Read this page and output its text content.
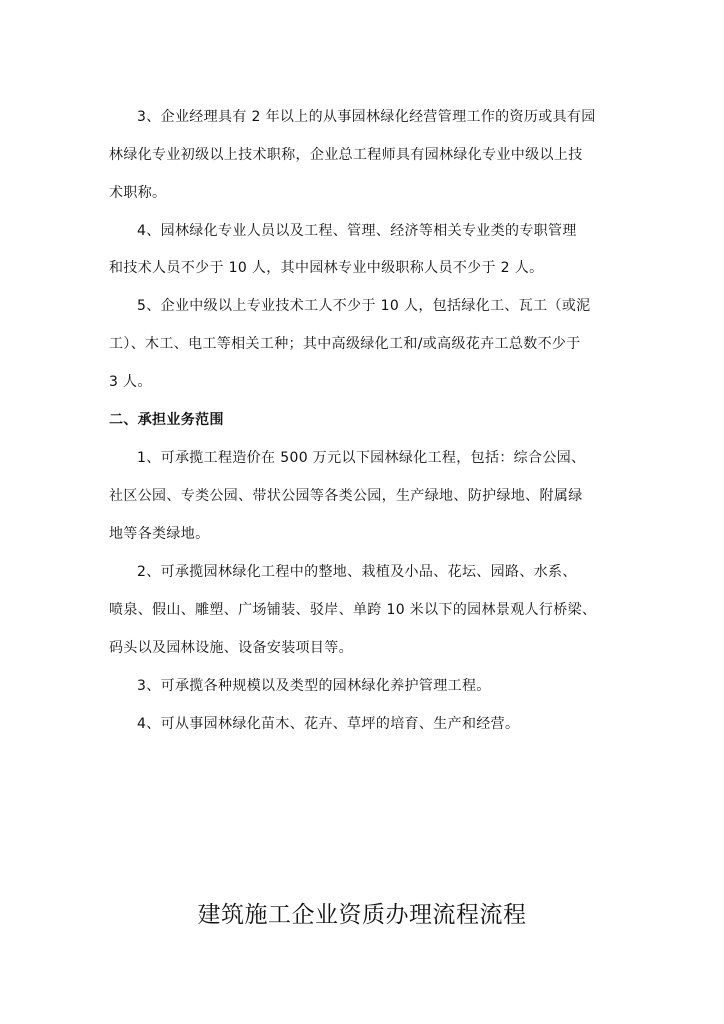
3、企业经理具有 2 年以上的从事园林绿化经营管理工作的资历或具有园
林绿化专业初级以上技术职称，企业总工程师具有园林绿化专业中级以上技
术职称。
4、园林绿化专业人员以及工程、管理、经济等相关专业类的专职管理
和技术人员不少于 10 人，其中园林专业中级职称人员不少于 2 人。
5、企业中级以上专业技术工人不少于 10 人，包括绿化工、瓦工（或泥
工）、木工、电工等相关工种；其中高级绿化工和/或高级花卉工总数不少于
3 人。
二、承担业务范围
1、可承揽工程造价在 500 万元以下园林绿化工程，包括：综合公园、
社区公园、专类公园、带状公园等各类公园，生产绿地、防护绿地、附属绿
地等各类绿地。
2、可承揽园林绿化工程中的整地、栽植及小品、花坛、园路、水系、
喷泉、假山、雕塑、广场铺装、驳岸、单跨 10 米以下的园林景观人行桥梁、
码头以及园林设施、设备安装项目等。
3、可承揽各种规模以及类型的园林绿化养护管理工程。
4、可从事园林绿化苗木、花卉、草坪的培育、生产和经营。
建筑施工企业资质办理流程流程
